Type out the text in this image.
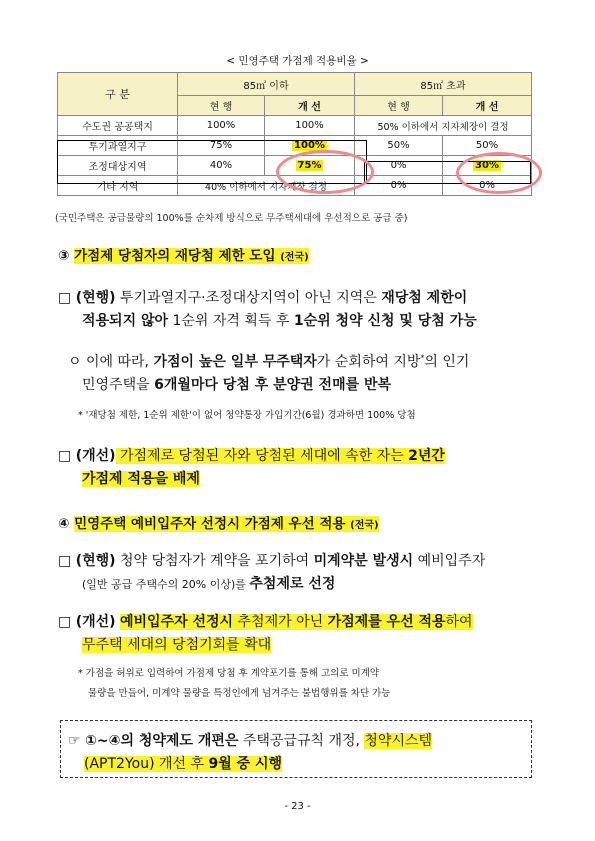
< 민영주택 가점제 적용비율 >
구 분	85㎡ 이하		85㎡ 초과	
	현 행	개 선	현 행	개 선
수도권 공공택지	100%	100%	50% 이하에서 지자체장이 결정	
투기과열지구	75%	100%	50%	50%
조정대상지역	40%	75%	0%	30%
기타 지역	40% 이하에서 지자체장 결정		0%	0%
(국민주택은 공급물량의 100%를 순차제 방식으로 무주택세대에 우선적으로 공급 중)
③ 가점제 당첨자의 재당첨 제한 도입 (전국)
□ (현행) 투기과열지구·조정대상지역이 아닌 지역은 재당첨 제한이
적용되지 않아 1순위 자격 획득 후 1순위 청약 신청 및 당첨 가능
ㅇ 이에 따라, 가점이 높은 일부 무주택자가 순회하여 지방*의 인기
민영주택을 6개월마다 당첨 후 분양권 전매를 반복
* '재당첨 제한, 1순위 제한'이 없어 청약통장 가입기간(6월) 경과하면 100% 당첨
□ (개선) 가점제로 당첨된 자와 당첨된 세대에 속한 자는 2년간
가점제 적용을 배제
④ 민영주택 예비입주자 선정시 가점제 우선 적용 (전국)
□ (현행) 청약 당첨자가 계약을 포기하여 미계약분 발생시 예비입주자
(일반 공급 주택수의 20% 이상)를 추첨제로 선정
□ (개선) 예비입주자 선정시 추첨제가 아닌 가점제를 우선 적용하여
무주택 세대의 당첨기회를 확대
* 가점을 허위로 입력하여 가점제 당첨 후 계약포기를 통해 고의로 미계약
물량을 만들어, 미계약 물량을 특정인에게 넘겨주는 불법행위를 차단 가능
☞ ①~④의 청약제도 개편은 주택공급규칙 개정, 청약시스템
(APT2You) 개선 후 9월 중 시행
- 23 -
